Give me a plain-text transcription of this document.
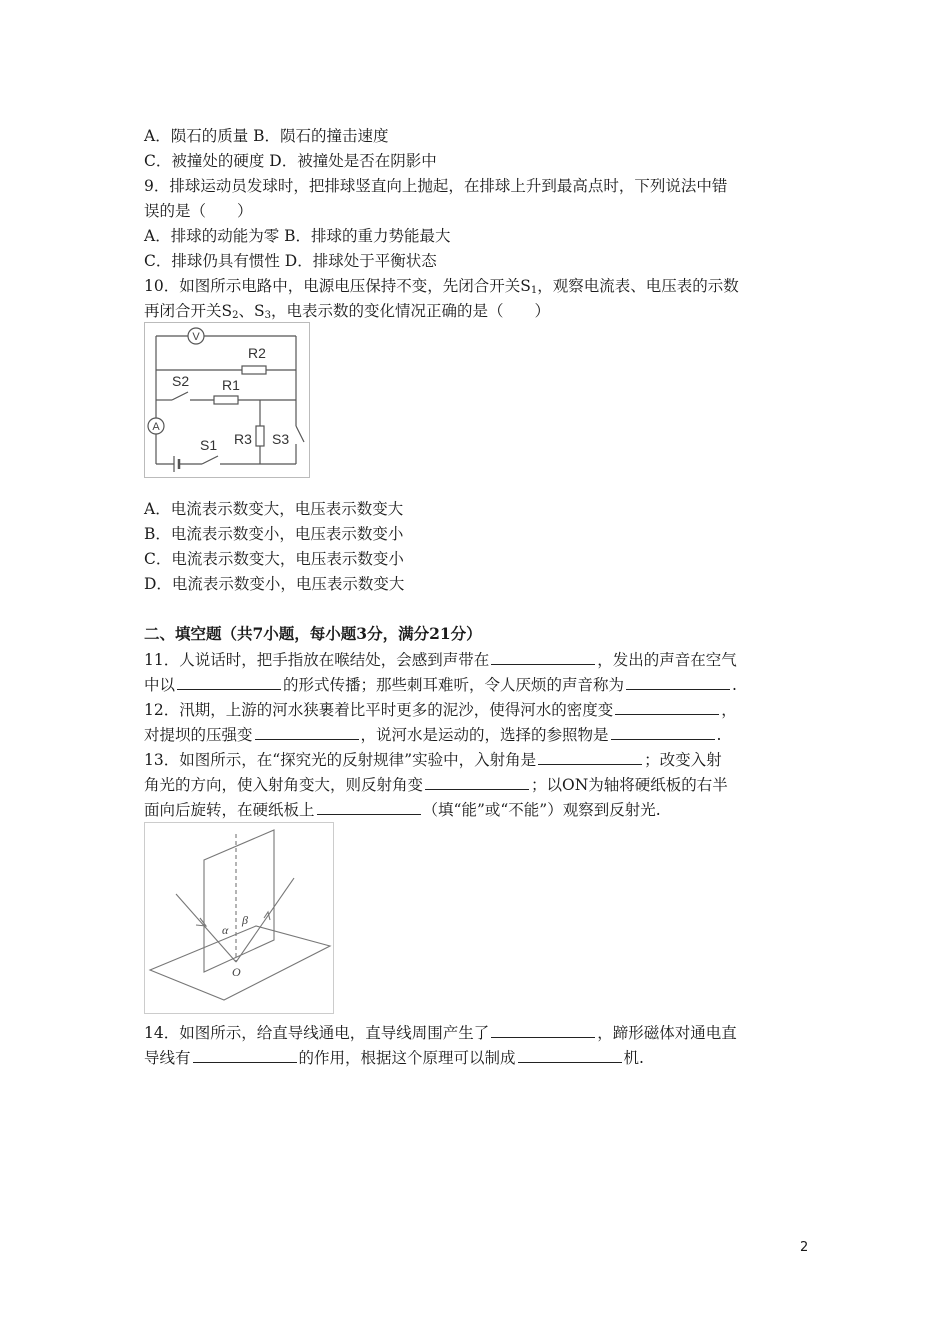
A．陨石的质量 B．陨石的撞击速度
C．被撞处的硬度 D．被撞处是否在阴影中
9．排球运动员发球时，把排球竖直向上抛起，在排球上升到最高点时，下列说法中错
误的是（　　）
A．排球的动能为零 B．排球的重力势能最大
C．排球仍具有惯性 D．排球处于平衡状态
10．如图所示电路中，电源电压保持不变，先闭合开关$S_1$，观察电流表、电压表的示数
再闭合开关$S_2$、$S_3$，电表示数的变化情况正确的是（　　）
V
R2
A
S2 R1
R3 S3
S1
A．电流表示数变大，电压表示数变大
B．电流表示数变小，电压表示数变小
C．电流表示数变大，电压表示数变小
D．电流表示数变小，电压表示数变大
二、填空题（共7小题，每小题3分，满分21分）
11．人说话时，把手指放在喉结处，会感到声带在	，发出的声音在空气
中以	的形式传播；那些刺耳难听，令人厌烦的声音称为	.
12．汛期，上游的河水狭裹着比平时更多的泥沙，使得河水的密度变	，
对提坝的压强变	，说河水是运动的，选择的参照物是	.
13．如图所示，在“探究光的反射规律”实验中，入射角是	；改变入射
角光的方向，使入射角变大，则反射角变	；以ON为轴将硬纸板的右半
面向后旋转，在硬纸板上	（填“能”或“不能”）观察到反射光.
α
β
O
14．如图所示，给直导线通电，直导线周围产生了	，蹄形磁体对通电直
导线有	的作用，根据这个原理可以制成	机.
2
